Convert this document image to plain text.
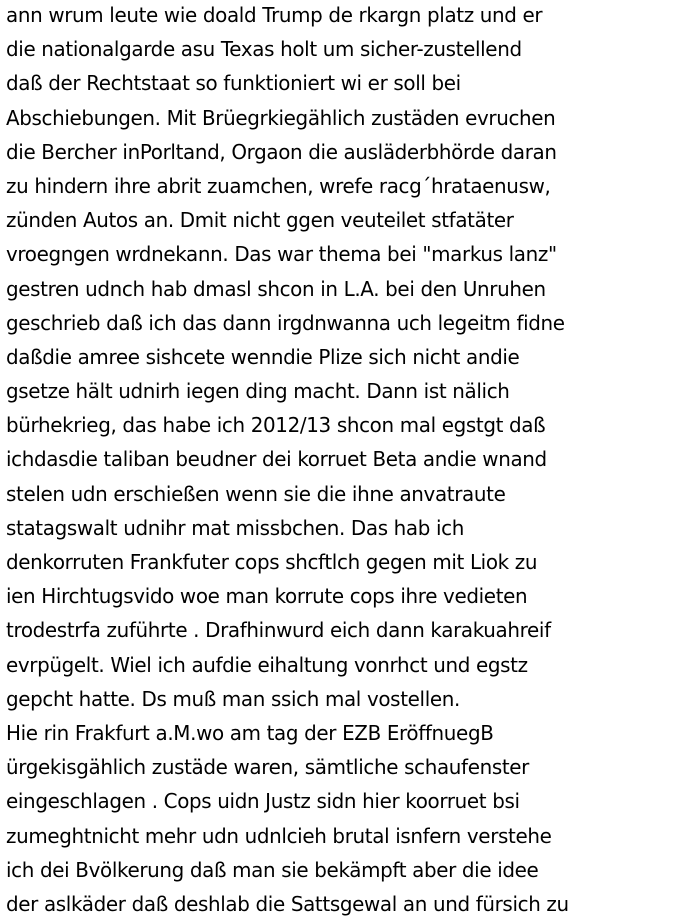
ann wrum leute wie doald Trump de rkargn platz und er
die nationalgarde asu Texas holt um sicher-zustellend
daß der Rechtstaat so funktioniert wi er soll bei
Abschiebungen. Mit Brüegrkiegählich zustäden evruchen
die Bercher inPorltand, Orgaon die ausläderbhörde daran
zu hindern ihre abrit zuamchen, wrefe racg´hrataenusw,
zünden Autos an. Dmit nicht ggen veuteilet stfatäter
vroegngen wrdnekann. Das war thema bei "markus lanz"
gestren udnch hab dmasl shcon in L.A. bei den Unruhen
geschrieb daß ich das dann irgdnwanna uch legeitm fidne
daßdie amree sishcete wenndie Plize sich nicht andie
gsetze hält udnirh iegen ding macht. Dann ist nälich
bürhekrieg, das habe ich 2012/13 shcon mal egstgt daß
ichdasdie taliban beudner dei korruet Beta andie wnand
stelen udn erschießen wenn sie die ihne anvatraute
statagswalt udnihr mat missbchen. Das hab ich
denkorruten Frankfuter cops shcftlch gegen mit Liok zu
ien Hirchtugsvido woe man korrute cops ihre vedieten
trodestrfa zuführte . Drafhinwurd eich dann karakuahreif
evrpügelt. Wiel ich aufdie eihaltung vonrhct und egstz
gepcht hatte. Ds muß man ssich mal vostellen.
Hie rin Frakfurt a.M.wo am tag der EZB EröffnuegB
ürgekisgählich zustäde waren, sämtliche schaufenster
eingeschlagen . Cops uidn Justz sidn hier koorruet bsi
zumeghtnicht mehr udn udnlcieh brutal isnfern verstehe
ich dei Bvölkerung daß man sie bekämpft aber die idee
der aslkäder daß deshlab die Sattsgewal an und fürsich zu
